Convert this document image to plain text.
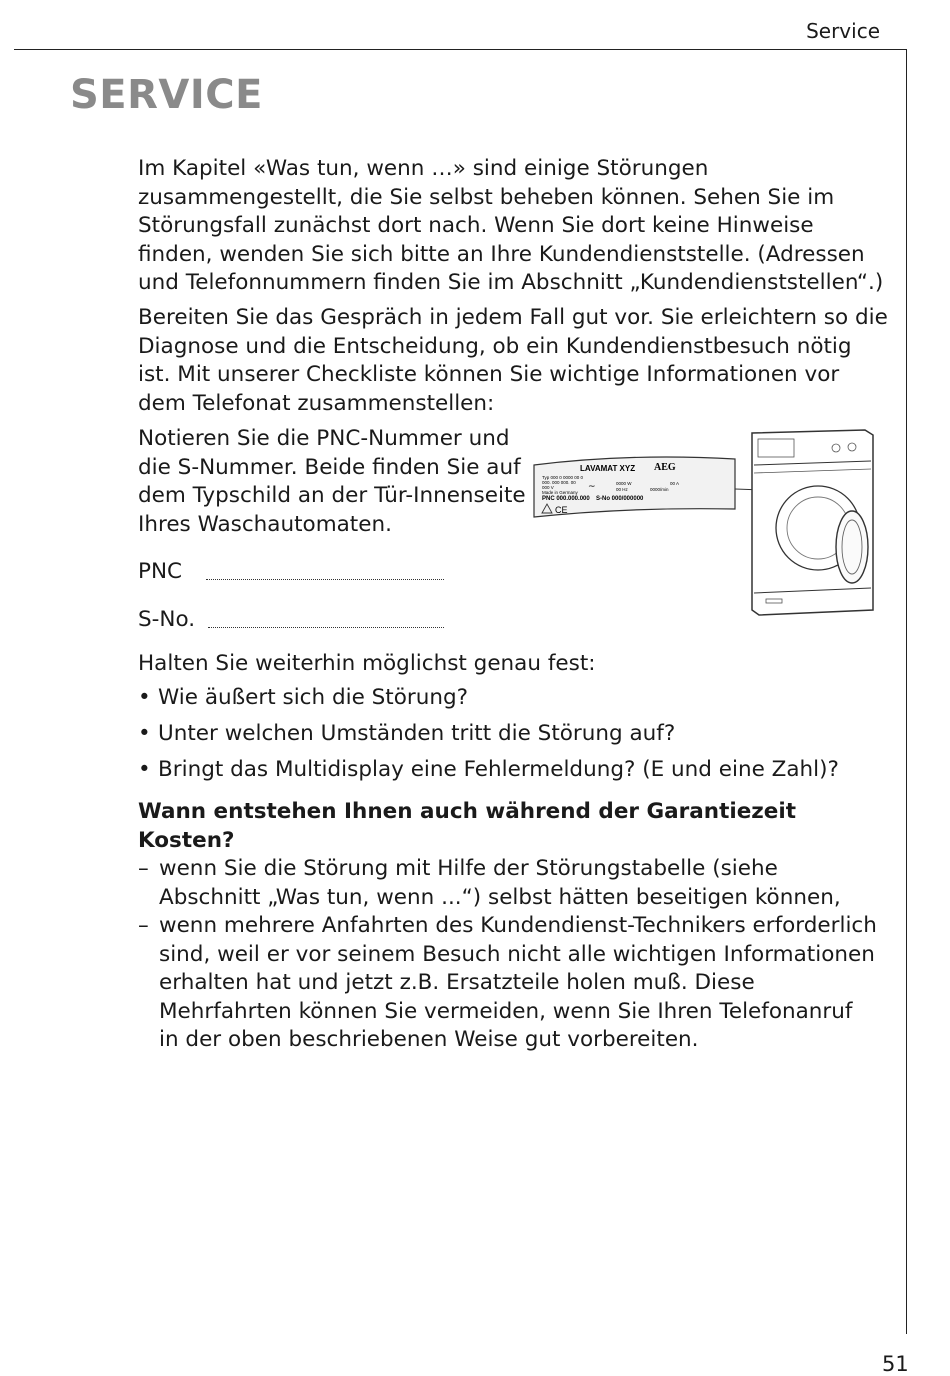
Service
SERVICE

Im Kapitel «Was tun, wenn …» sind einige Störungen zusammengestellt, die Sie selbst beheben können. Sehen Sie im Störungsfall zunächst dort nach. Wenn Sie dort keine Hinweise finden, wenden Sie sich bitte an Ihre Kundendienststelle. (Adressen und Telefonnummern finden Sie im Abschnitt „Kundendienststellen“.)

Bereiten Sie das Gespräch in jedem Fall gut vor. Sie erleichtern so die Diagnose und die Entscheidung, ob ein Kundendienstbesuch nötig ist. Mit unserer Checkliste können Sie wichtige Informationen vor dem Telefonat zusammenstellen:

Notieren Sie die PNC-Nummer und die S-Nummer. Beide finden Sie auf dem Typschild an der Tür-Innenseite Ihres Waschautomaten.

PNC
S-No.
LAVAMAT XYZ AEG
Typ 000 0 0000 00 0
000. 000 000. 00
000 V
Made in Germany
~	0000 W
00 Hz
00 A
0000/min
PNC 000.000.000 S-No 000/000000
CE

Halten Sie weiterhin möglichst genau fest:

• Wie äußert sich die Störung?
• Unter welchen Umständen tritt die Störung auf?
• Bringt das Multidisplay eine Fehlermeldung? (E und eine Zahl)?
Wann entstehen Ihnen auch während der Garantiezeit Kosten?
– wenn Sie die Störung mit Hilfe der Störungstabelle (siehe Abschnitt „Was tun, wenn ...“) selbst hätten beseitigen können,
– wenn mehrere Anfahrten des Kundendienst-Technikers erforderlich sind, weil er vor seinem Besuch nicht alle wichtigen Informationen erhalten hat und jetzt z.B. Ersatzteile holen muß. Diese Mehrfahrten können Sie vermeiden, wenn Sie Ihren Telefonanruf in der oben beschriebenen Weise gut vorbereiten.
51
